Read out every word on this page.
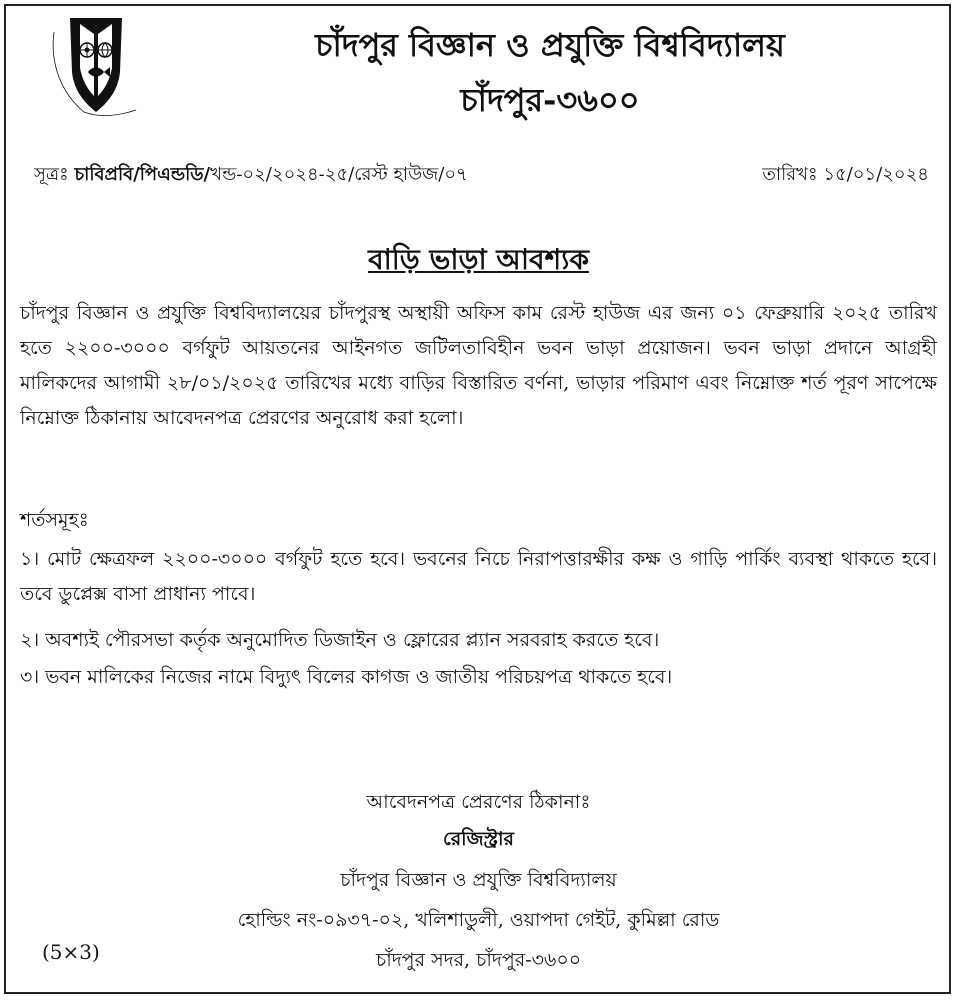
চাঁদপুর বিজ্ঞান ও প্রযুক্তি বিশ্ববিদ্যালয়
চাঁদপুর-৩৬০০
সূত্রঃ চাবিপ্রবি/পিএন্ডডি/খন্ড-০২/২০২৪-২৫/রেস্ট হাউজ/০৭	তারিখঃ ১৫/০১/২০২৪
বাড়ি ভাড়া আবশ্যক
চাঁদপুর বিজ্ঞান ও প্রযুক্তি বিশ্ববিদ্যালয়ের চাঁদপুরস্থ অস্থায়ী অফিস কাম রেস্ট হাউজ এর জন্য ০১ ফেব্রুয়ারি ২০২৫ তারিখ হতে ২২০০-৩০০০ বর্গফুট আয়তনের আইনগত জটিলতাবিহীন ভবন ভাড়া প্রয়োজন। ভবন ভাড়া প্রদানে আগ্রহী মালিকদের আগামী ২৮/০১/২০২৫ তারিখের মধ্যে বাড়ির বিস্তারিত বর্ণনা, ভাড়ার পরিমাণ এবং নিম্নোক্ত শর্ত পূরণ সাপেক্ষে নিম্নোক্ত ঠিকানায় আবেদনপত্র প্রেরণের অনুরোধ করা হলো।
শর্তসমূহঃ
১। মোট ক্ষেত্রফল ২২০০-৩০০০ বর্গফুট হতে হবে। ভবনের নিচে নিরাপত্তারক্ষীর কক্ষ ও গাড়ি পার্কিং ব্যবস্থা থাকতে হবে। তবে ডুপ্লেক্স বাসা প্রাধান্য পাবে।
২। অবশ্যই পৌরসভা কর্তৃক অনুমোদিত ডিজাইন ও ফ্লোরের প্ল্যান সরবরাহ করতে হবে।
৩। ভবন মালিকের নিজের নামে বিদ্যুৎ বিলের কাগজ ও জাতীয় পরিচয়পত্র থাকতে হবে।
আবেদনপত্র প্রেরণের ঠিকানাঃ
রেজিস্ট্রার
চাঁদপুর বিজ্ঞান ও প্রযুক্তি বিশ্ববিদ্যালয়
হোল্ডিং নং-০৯৩৭-০২, খলিশাডুলী, ওয়াপদা গেইট, কুমিল্লা রোড
চাঁদপুর সদর, চাঁদপুর-৩৬০০
(5×3)
